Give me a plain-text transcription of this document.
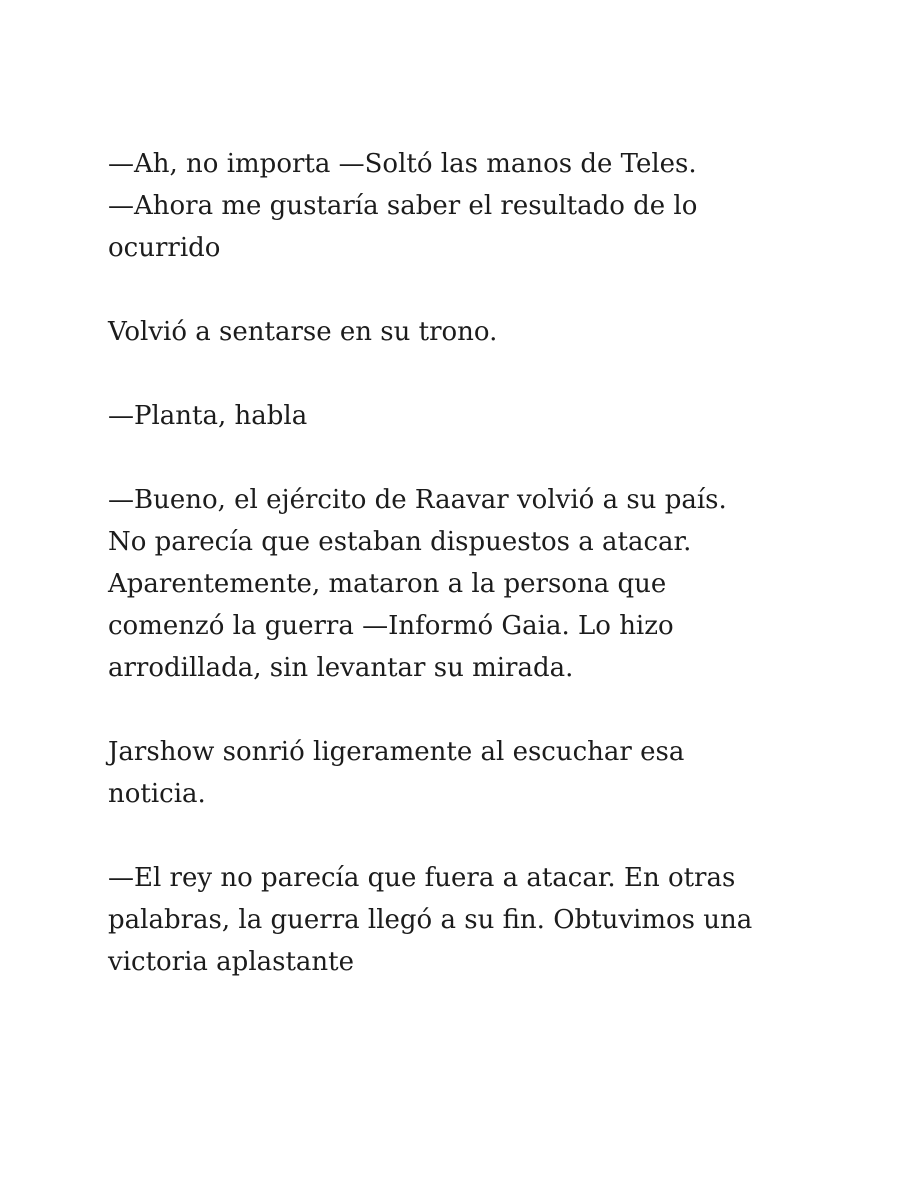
—Ah, no importa —Soltó las manos de Teles.
—Ahora me gustaría saber el resultado de lo
ocurrido

Volvió a sentarse en su trono.

—Planta, habla

—Bueno, el ejército de Raavar volvió a su país.
No parecía que estaban dispuestos a atacar.
Aparentemente, mataron a la persona que
comenzó la guerra —Informó Gaia. Lo hizo
arrodillada, sin levantar su mirada.

Jarshow sonrió ligeramente al escuchar esa
noticia.

—El rey no parecía que fuera a atacar. En otras
palabras, la guerra llegó a su fin. Obtuvimos una
victoria aplastante
